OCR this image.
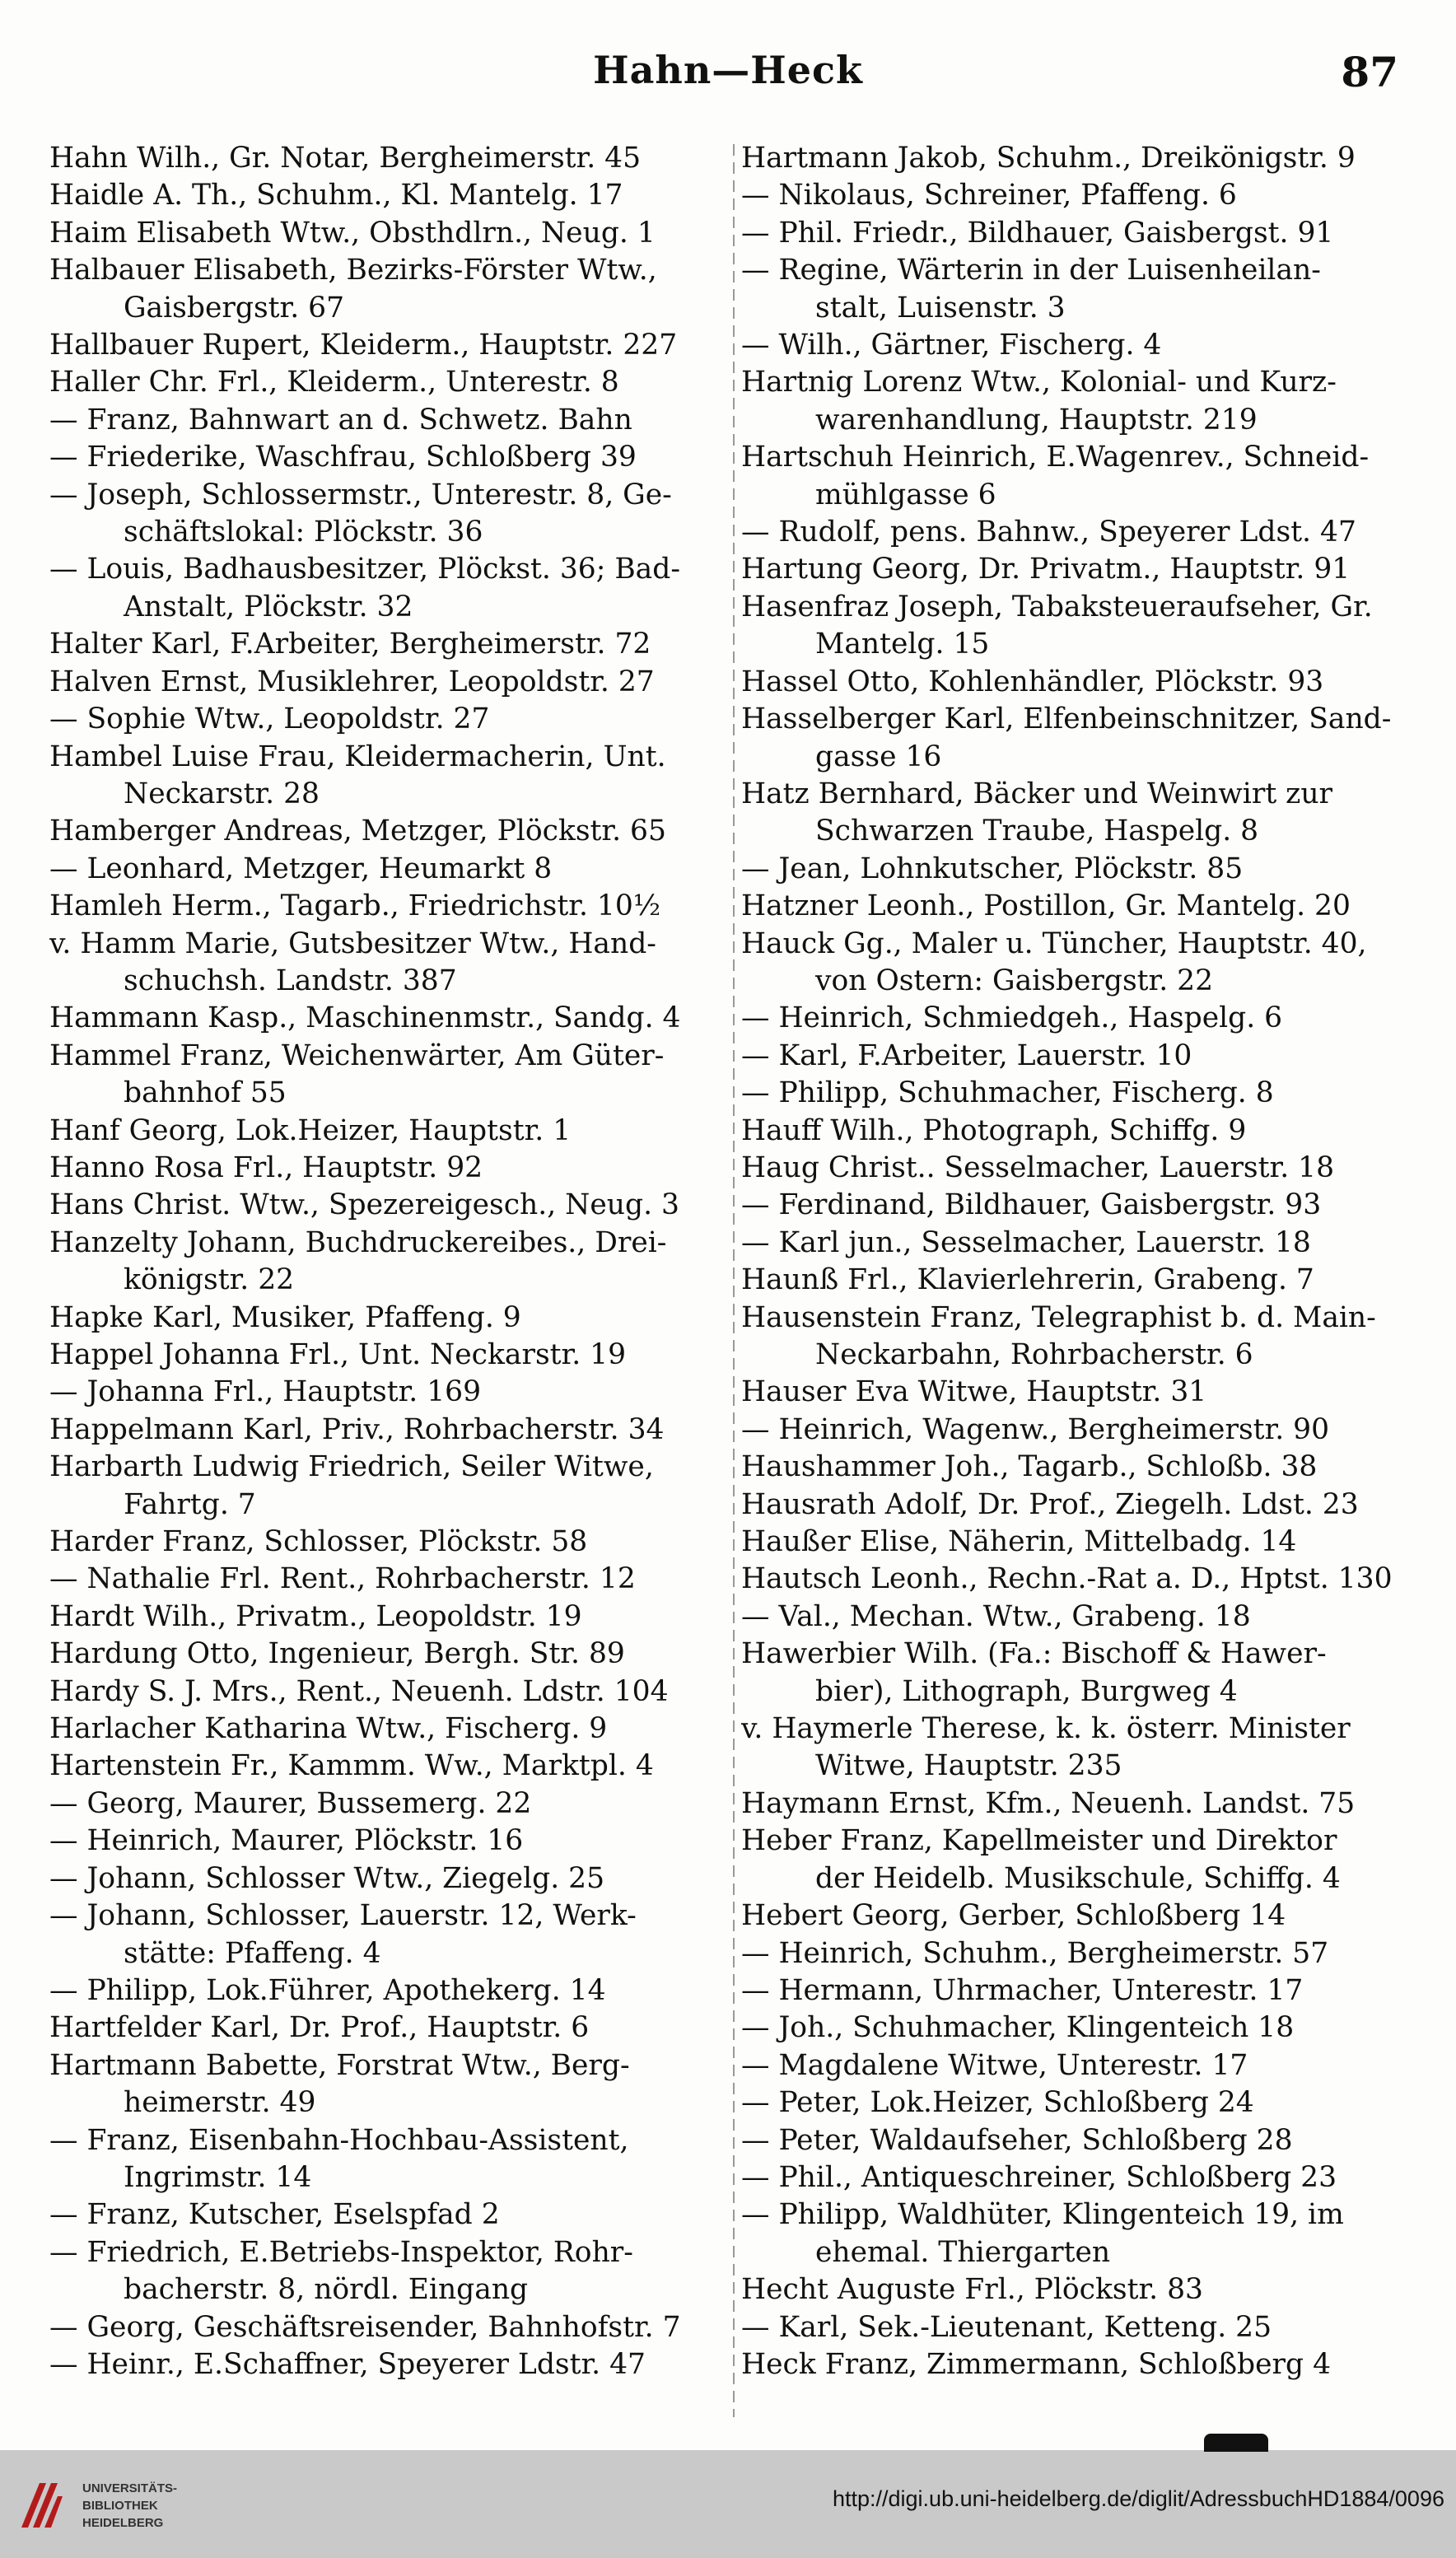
Hahn—Heck	87

Hahn Wilh., Gr. Notar, Bergheimerstr. 45

Haidle A. Th., Schuhm., Kl. Mantelg. 17

Haim Elisabeth Wtw., Obsthdlrn., Neug. 1

Halbauer Elisabeth, Bezirks-Förster Wtw.,
Gaisbergstr. 67

Hallbauer Rupert, Kleiderm., Hauptstr. 227

Haller Chr. Frl., Kleiderm., Unterestr. 8

— Franz, Bahnwart an d. Schwetz. Bahn

— Friederike, Waschfrau, Schloßberg 39

— Joseph, Schlossermstr., Unterestr. 8, Ge-
schäftslokal: Plöckstr. 36

— Louis, Badhausbesitzer, Plöckst. 36; Bad-
Anstalt, Plöckstr. 32

Halter Karl, F.Arbeiter, Bergheimerstr. 72

Halven Ernst, Musiklehrer, Leopoldstr. 27

— Sophie Wtw., Leopoldstr. 27

Hambel Luise Frau, Kleidermacherin, Unt.
Neckarstr. 28

Hamberger Andreas, Metzger, Plöckstr. 65

— Leonhard, Metzger, Heumarkt 8

Hamleh Herm., Tagarb., Friedrichstr. 10½

v. Hamm Marie, Gutsbesitzer Wtw., Hand-
schuchsh. Landstr. 387

Hammann Kasp., Maschinenmstr., Sandg. 4

Hammel Franz, Weichenwärter, Am Güter-
bahnhof 55

Hanf Georg, Lok.Heizer, Hauptstr. 1

Hanno Rosa Frl., Hauptstr. 92

Hans Christ. Wtw., Spezereigesch., Neug. 3

Hanzelty Johann, Buchdruckereibes., Drei-
königstr. 22

Hapke Karl, Musiker, Pfaffeng. 9

Happel Johanna Frl., Unt. Neckarstr. 19

— Johanna Frl., Hauptstr. 169

Happelmann Karl, Priv., Rohrbacherstr. 34

Harbarth Ludwig Friedrich, Seiler Witwe,
Fahrtg. 7

Harder Franz, Schlosser, Plöckstr. 58

— Nathalie Frl. Rent., Rohrbacherstr. 12

Hardt Wilh., Privatm., Leopoldstr. 19

Hardung Otto, Ingenieur, Bergh. Str. 89

Hardy S. J. Mrs., Rent., Neuenh. Ldstr. 104

Harlacher Katharina Wtw., Fischerg. 9

Hartenstein Fr., Kammm. Ww., Marktpl. 4

— Georg, Maurer, Bussemerg. 22

— Heinrich, Maurer, Plöckstr. 16

— Johann, Schlosser Wtw., Ziegelg. 25

— Johann, Schlosser, Lauerstr. 12, Werk-
stätte: Pfaffeng. 4

— Philipp, Lok.Führer, Apothekerg. 14

Hartfelder Karl, Dr. Prof., Hauptstr. 6

Hartmann Babette, Forstrat Wtw., Berg-
heimerstr. 49

— Franz, Eisenbahn-Hochbau-Assistent,
Ingrimstr. 14

— Franz, Kutscher, Eselspfad 2

— Friedrich, E.Betriebs-Inspektor, Rohr-
bacherstr. 8, nördl. Eingang

— Georg, Geschäftsreisender, Bahnhofstr. 7

— Heinr., E.Schaffner, Speyerer Ldstr. 47

Hartmann Jakob, Schuhm., Dreikönigstr. 9

— Nikolaus, Schreiner, Pfaffeng. 6

— Phil. Friedr., Bildhauer, Gaisbergst. 91

— Regine, Wärterin in der Luisenheilan-
stalt, Luisenstr. 3

— Wilh., Gärtner, Fischerg. 4

Hartnig Lorenz Wtw., Kolonial- und Kurz-
warenhandlung, Hauptstr. 219

Hartschuh Heinrich, E.Wagenrev., Schneid-
mühlgasse 6

— Rudolf, pens. Bahnw., Speyerer Ldst. 47

Hartung Georg, Dr. Privatm., Hauptstr. 91

Hasenfraz Joseph, Tabaksteueraufseher, Gr.
Mantelg. 15

Hassel Otto, Kohlenhändler, Plöckstr. 93

Hasselberger Karl, Elfenbeinschnitzer, Sand-
gasse 16

Hatz Bernhard, Bäcker und Weinwirt zur
Schwarzen Traube, Haspelg. 8

— Jean, Lohnkutscher, Plöckstr. 85

Hatzner Leonh., Postillon, Gr. Mantelg. 20

Hauck Gg., Maler u. Tüncher, Hauptstr. 40,
von Ostern: Gaisbergstr. 22

— Heinrich, Schmiedgeh., Haspelg. 6

— Karl, F.Arbeiter, Lauerstr. 10

— Philipp, Schuhmacher, Fischerg. 8

Hauff Wilh., Photograph, Schiffg. 9

Haug Christ.. Sesselmacher, Lauerstr. 18

— Ferdinand, Bildhauer, Gaisbergstr. 93

— Karl jun., Sesselmacher, Lauerstr. 18

Haunß Frl., Klavierlehrerin, Grabeng. 7

Hausenstein Franz, Telegraphist b. d. Main-
Neckarbahn, Rohrbacherstr. 6

Hauser Eva Witwe, Hauptstr. 31

— Heinrich, Wagenw., Bergheimerstr. 90

Haushammer Joh., Tagarb., Schloßb. 38

Hausrath Adolf, Dr. Prof., Ziegelh. Ldst. 23

Haußer Elise, Näherin, Mittelbadg. 14

Hautsch Leonh., Rechn.-Rat a. D., Hptst. 130

— Val., Mechan. Wtw., Grabeng. 18

Hawerbier Wilh. (Fa.: Bischoff & Hawer-
bier), Lithograph, Burgweg 4

v. Haymerle Therese, k. k. österr. Minister
Witwe, Hauptstr. 235

Haymann Ernst, Kfm., Neuenh. Landst. 75

Heber Franz, Kapellmeister und Direktor
der Heidelb. Musikschule, Schiffg. 4

Hebert Georg, Gerber, Schloßberg 14

— Heinrich, Schuhm., Bergheimerstr. 57

— Hermann, Uhrmacher, Unterestr. 17

— Joh., Schuhmacher, Klingenteich 18

— Magdalene Witwe, Unterestr. 17

— Peter, Lok.Heizer, Schloßberg 24

— Peter, Waldaufseher, Schloßberg 28

— Phil., Antiqueschreiner, Schloßberg 23

— Philipp, Waldhüter, Klingenteich 19, im
ehemal. Thiergarten

Hecht Auguste Frl., Plöckstr. 83

— Karl, Sek.-Lieutenant, Ketteng. 25

Heck Franz, Zimmermann, Schloßberg 4

UNIVERSITÄTS-
BIBLIOTHEK
HEIDELBERG
http://digi.ub.uni-heidelberg.de/diglit/AdressbuchHD1884/0096
